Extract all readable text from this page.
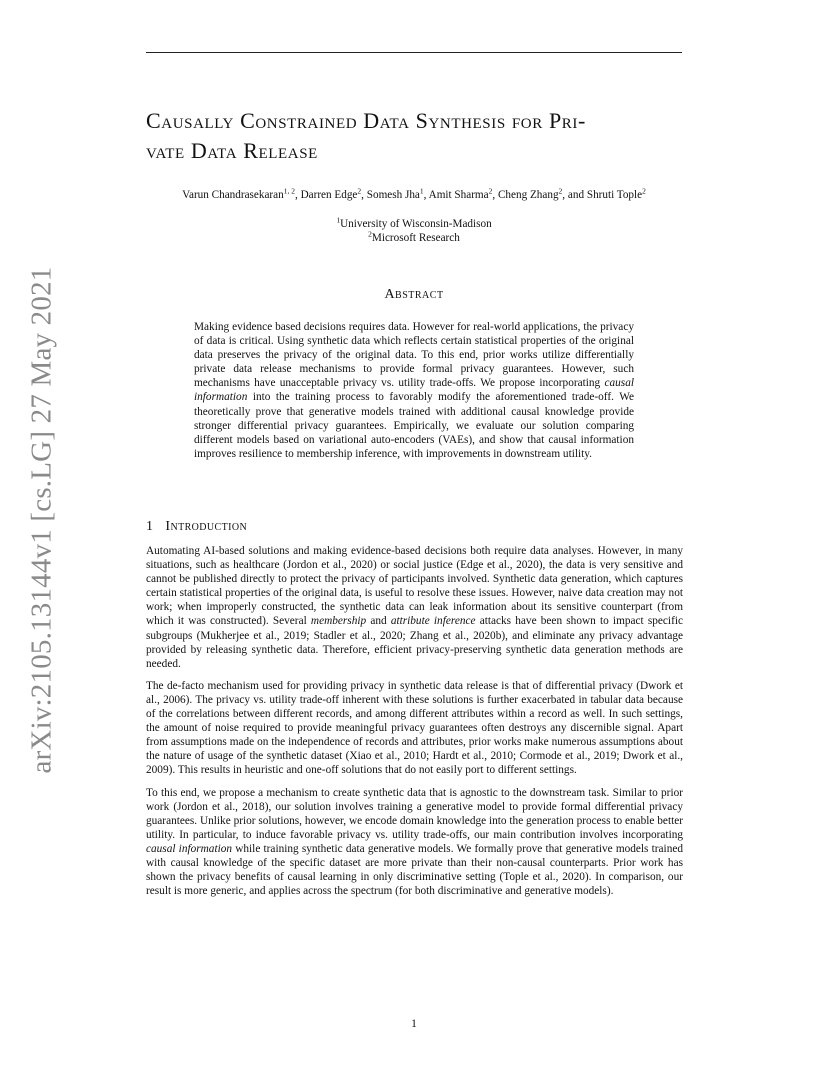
arXiv:2105.13144v1 [cs.LG] 27 May 2021
Causally Constrained Data Synthesis for Pri-
vate Data Release
Varun Chandrasekaran$^{1, 2}$, Darren Edge$^2$, Somesh Jha$^1$, Amit Sharma$^2$, Cheng Zhang$^2$, and Shruti Tople$^2$
$^1$University of Wisconsin-Madison
$^2$Microsoft Research
Abstract
Making evidence based decisions requires data. However for real-world applications, the privacy of data is critical. Using synthetic data which reflects certain statistical properties of the original data preserves the privacy of the original data. To this end, prior works utilize differentially private data release mechanisms to provide formal privacy guarantees. However, such mechanisms have unacceptable privacy vs. utility trade-offs. We propose incorporating causal information into the training process to favorably modify the aforementioned trade-off. We theoretically prove that generative models trained with additional causal knowledge provide stronger differential privacy guarantees. Empirically, we evaluate our solution comparing different models based on variational auto-encoders (VAEs), and show that causal information improves resilience to membership inference, with improvements in downstream utility.
1 Introduction

Automating AI-based solutions and making evidence-based decisions both require data analyses. However, in many situations, such as healthcare (Jordon et al., 2020) or social justice (Edge et al., 2020), the data is very sensitive and cannot be published directly to protect the privacy of participants involved. Synthetic data generation, which captures certain statistical properties of the original data, is useful to resolve these issues. However, naive data creation may not work; when improperly constructed, the synthetic data can leak information about its sensitive counterpart (from which it was constructed). Several membership and attribute inference attacks have been shown to impact specific subgroups (Mukherjee et al., 2019; Stadler et al., 2020; Zhang et al., 2020b), and eliminate any privacy advantage provided by releasing synthetic data. Therefore, efficient privacy-preserving synthetic data generation methods are needed.

The de-facto mechanism used for providing privacy in synthetic data release is that of differential privacy (Dwork et al., 2006). The privacy vs. utility trade-off inherent with these solutions is further exacerbated in tabular data because of the correlations between different records, and among different attributes within a record as well. In such settings, the amount of noise required to provide meaningful privacy guarantees often destroys any discernible signal. Apart from assumptions made on the independence of records and attributes, prior works make numerous assumptions about the nature of usage of the synthetic dataset (Xiao et al., 2010; Hardt et al., 2010; Cormode et al., 2019; Dwork et al., 2009). This results in heuristic and one-off solutions that do not easily port to different settings.

To this end, we propose a mechanism to create synthetic data that is agnostic to the downstream task. Similar to prior work (Jordon et al., 2018), our solution involves training a generative model to provide formal differential privacy guarantees. Unlike prior solutions, however, we encode domain knowledge into the generation process to enable better utility. In particular, to induce favorable privacy vs. utility trade-offs, our main contribution involves incorporating causal information while training synthetic data generative models. We formally prove that generative models trained with causal knowledge of the specific dataset are more private than their non-causal counterparts. Prior work has shown the privacy benefits of causal learning in only discriminative setting (Tople et al., 2020). In comparison, our result is more generic, and applies across the spectrum (for both discriminative and generative models).

1
